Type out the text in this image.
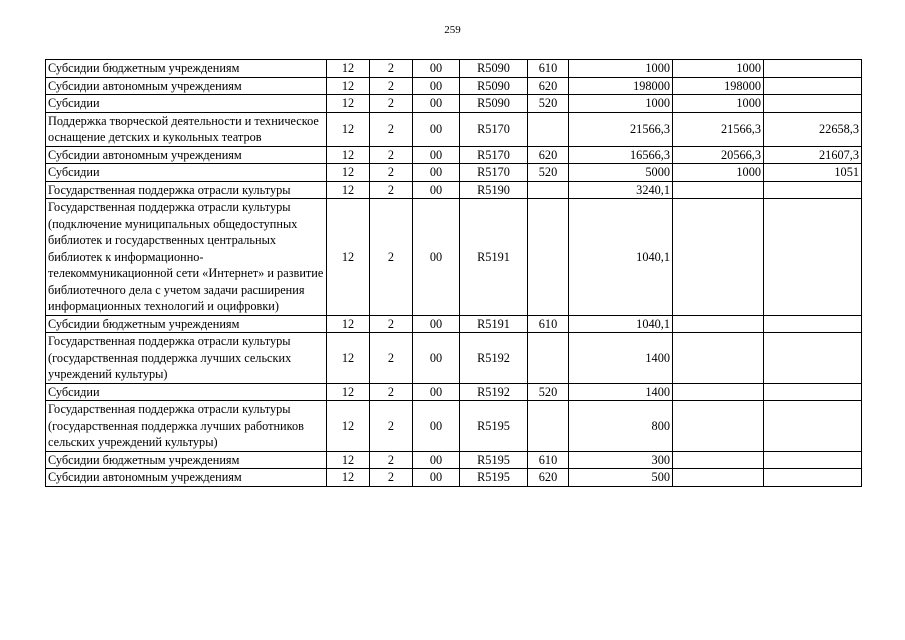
259
Субсидии бюджетным учреждениям	12	2	00	R5090	610	1000	1000	
Субсидии автономным учреждениям	12	2	00	R5090	620	198000	198000	
Субсидии	12	2	00	R5090	520	1000	1000	
Поддержка творческой деятельности и техническое оснащение детских и кукольных театров	12	2	00	R5170		21566,3	21566,3	22658,3
Субсидии автономным учреждениям	12	2	00	R5170	620	16566,3	20566,3	21607,3
Субсидии	12	2	00	R5170	520	5000	1000	1051
Государственная поддержка отрасли культуры	12	2	00	R5190		3240,1		
Государственная поддержка отрасли культуры (подключение муниципальных общедоступных библиотек и государственных центральных библиотек к информационно-телекоммуникационной сети «Интернет» и развитие библиотечного дела с учетом задачи расширения информационных технологий и оцифровки)	12	2	00	R5191		1040,1		
Субсидии бюджетным учреждениям	12	2	00	R5191	610	1040,1		
Государственная поддержка отрасли культуры (государственная поддержка лучших сельских учреждений культуры)	12	2	00	R5192		1400		
Субсидии	12	2	00	R5192	520	1400		
Государственная поддержка отрасли культуры (государственная поддержка лучших работников сельских учреждений культуры)	12	2	00	R5195		800		
Субсидии бюджетным учреждениям	12	2	00	R5195	610	300		
Субсидии автономным учреждениям	12	2	00	R5195	620	500		
